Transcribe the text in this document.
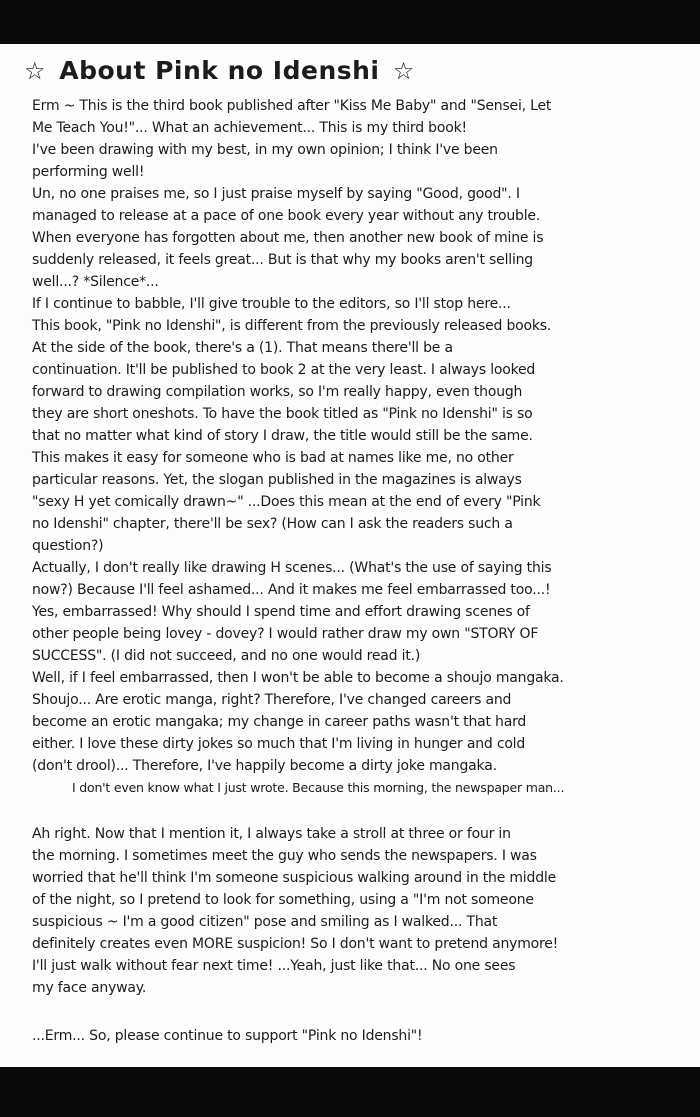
☆ About Pink no Idenshi ☆
Erm ~ This is the third book published after "Kiss Me Baby" and "Sensei, Let
Me Teach You!"... What an achievement... This is my third book!
I've been drawing with my best, in my own opinion; I think I've been
performing well!
Un, no one praises me, so I just praise myself by saying "Good, good". I
managed to release at a pace of one book every year without any trouble.
When everyone has forgotten about me, then another new book of mine is
suddenly released, it feels great... But is that why my books aren't selling
well...? *Silence*...
If I continue to babble, I'll give trouble to the editors, so I'll stop here...
This book, "Pink no Idenshi", is different from the previously released books.
At the side of the book, there's a (1). That means there'll be a
continuation. It'll be published to book 2 at the very least. I always looked
forward to drawing compilation works, so I'm really happy, even though
they are short oneshots. To have the book titled as "Pink no Idenshi" is so
that no matter what kind of story I draw, the title would still be the same.
This makes it easy for someone who is bad at names like me, no other
particular reasons. Yet, the slogan published in the magazines is always
"sexy H yet comically drawn~" ...Does this mean at the end of every "Pink
no Idenshi" chapter, there'll be sex? (How can I ask the readers such a
question?)
Actually, I don't really like drawing H scenes... (What's the use of saying this
now?) Because I'll feel ashamed... And it makes me feel embarrassed too...!
Yes, embarrassed! Why should I spend time and effort drawing scenes of
other people being lovey - dovey? I would rather draw my own "STORY OF
SUCCESS". (I did not succeed, and no one would read it.)
Well, if I feel embarrassed, then I won't be able to become a shoujo mangaka.
Shoujo... Are erotic manga, right? Therefore, I've changed careers and
become an erotic mangaka; my change in career paths wasn't that hard
either. I love these dirty jokes so much that I'm living in hunger and cold
(don't drool)... Therefore, I've happily become a dirty joke mangaka.
I don't even know what I just wrote. Because this morning, the newspaper man...
Ah right. Now that I mention it, I always take a stroll at three or four in
the morning. I sometimes meet the guy who sends the newspapers. I was
worried that he'll think I'm someone suspicious walking around in the middle
of the night, so I pretend to look for something, using a "I'm not someone
suspicious ~ I'm a good citizen" pose and smiling as I walked... That
definitely creates even MORE suspicion! So I don't want to pretend anymore!
I'll just walk without fear next time! ...Yeah, just like that... No one sees
my face anyway.
...Erm... So, please continue to support "Pink no Idenshi"!
